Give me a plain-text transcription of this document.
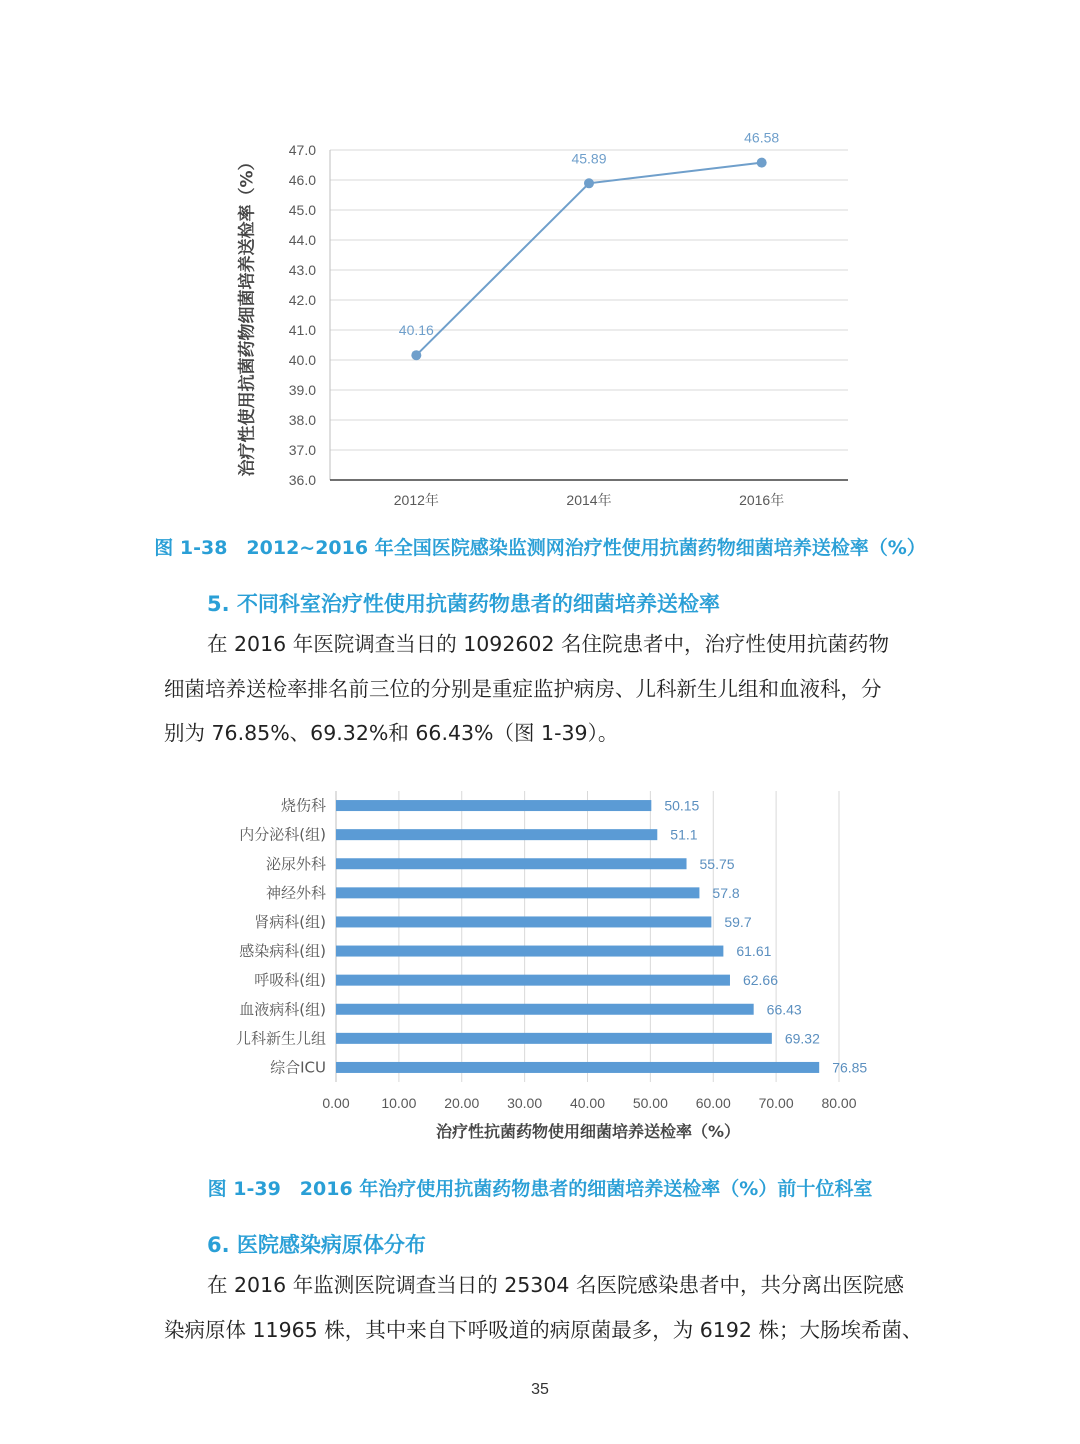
36.0
37.0
38.0
39.0
40.0
41.0
42.0
43.0
44.0
45.0
46.0
47.0
2012年	2014年	2016年
40.16
45.89
46.58
治疗性使用抗菌药物细菌培养送检率（%）
图 1-38　2012~2016 年全国医院感染监测网治疗性使用抗菌药物细菌培养送检率（%）
5. 不同科室治疗性使用抗菌药物患者的细菌培养送检率
在 2016 年医院调查当日的 1092602 名住院患者中，治疗性使用抗菌药物
细菌培养送检率排名前三位的分别是重症监护病房、儿科新生儿组和血液科，分
别为 76.85%、69.32%和 66.43%（图 1-39）。
0.00 10.00 20.00 30.00 40.00 50.00 60.00 70.00 80.00
烧伤科	50.15
内分泌科(组)	51.1
泌尿外科	55.75
神经外科	57.8
肾病科(组)	59.7
感染病科(组)	61.61
呼吸科(组)	62.66
血液病科(组)	66.43
儿科新生儿组	69.32
综合ICU	76.85
治疗性抗菌药物使用细菌培养送检率（%）
图 1-39　2016 年治疗使用抗菌药物患者的细菌培养送检率（%）前十位科室
6. 医院感染病原体分布
在 2016 年监测医院调查当日的 25304 名医院感染患者中，共分离出医院感
染病原体 11965 株，其中来自下呼吸道的病原菌最多，为 6192 株；大肠埃希菌、
35
